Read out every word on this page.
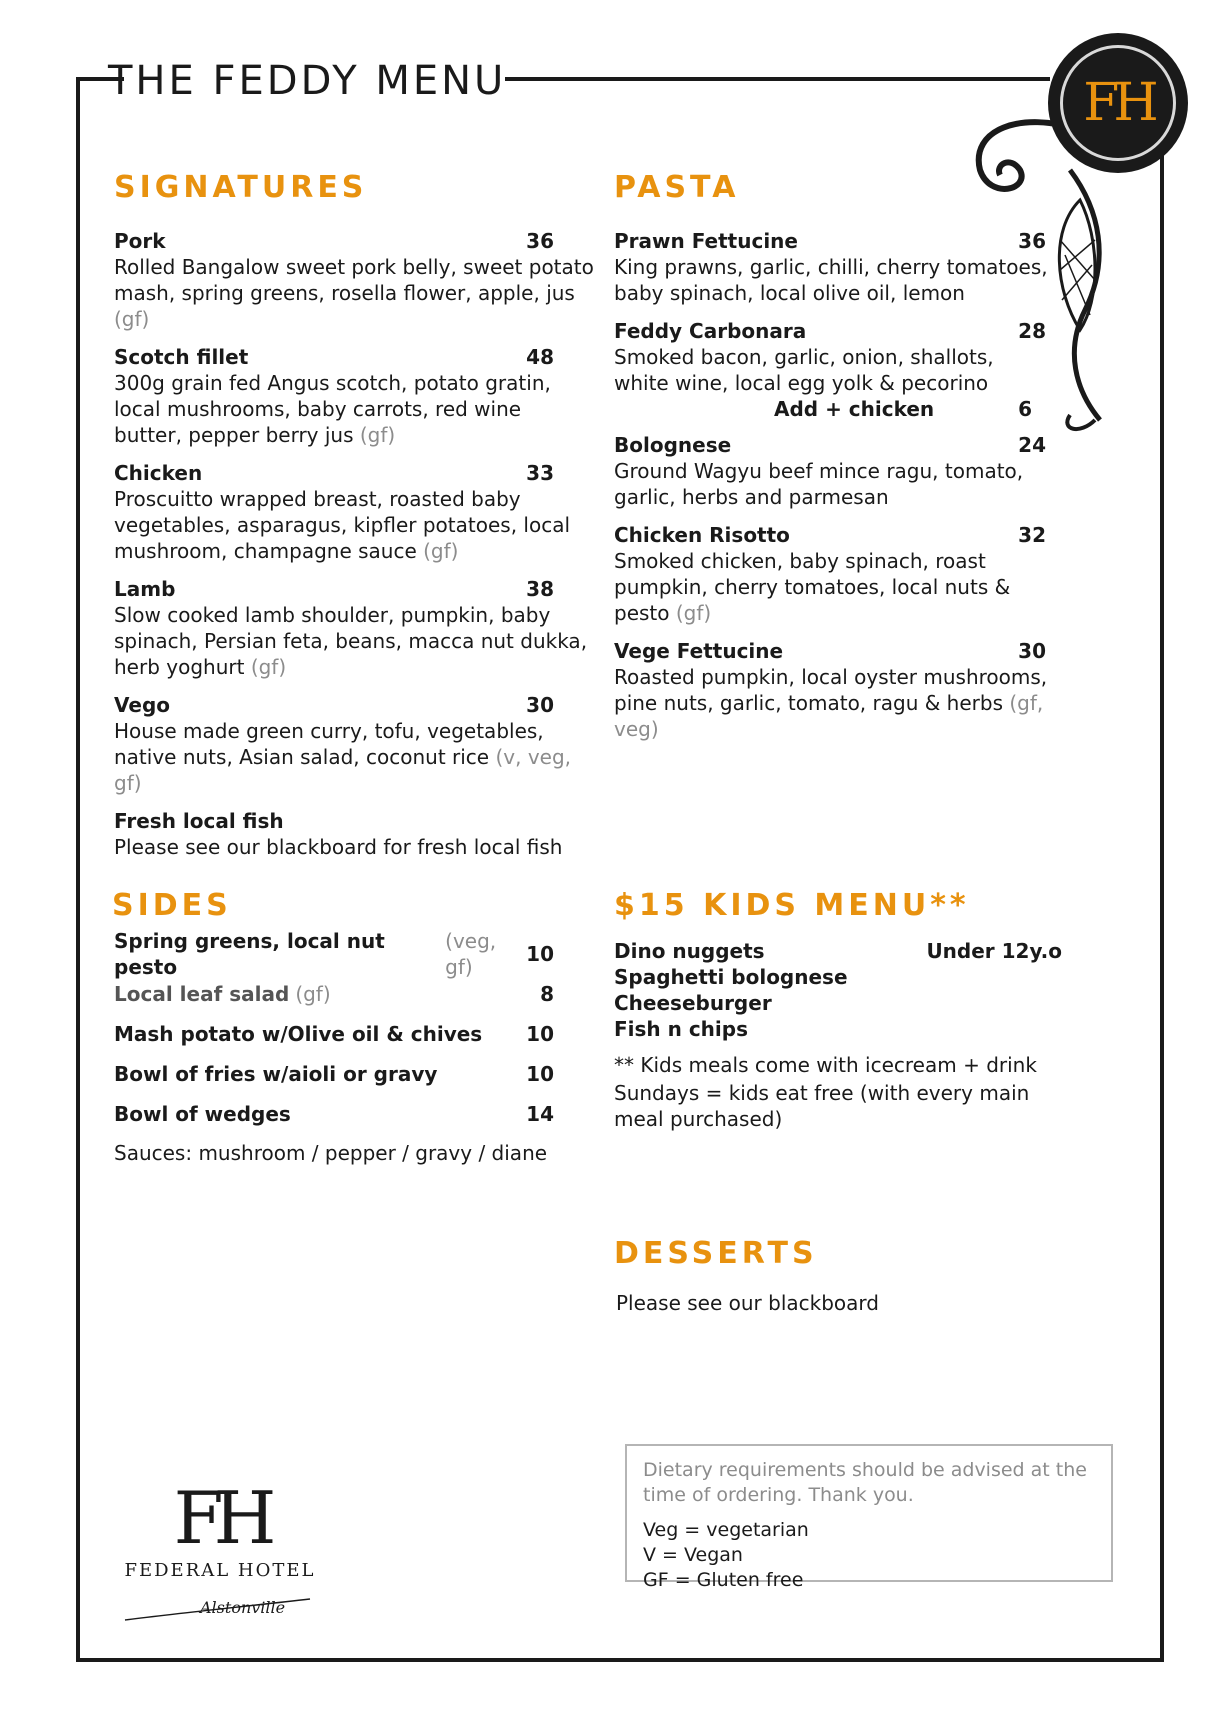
THE FEDDY MENU	FH
SIGNATURES
Pork	36
Rolled Bangalow sweet pork belly, sweet potato mash, spring greens, rosella flower, apple, jus (gf)
Scotch fillet	48
300g grain fed Angus scotch, potato gratin, local mushrooms, baby carrots, red wine butter, pepper berry jus (gf)
Chicken	33
Proscuitto wrapped breast, roasted baby vegetables, asparagus, kipfler potatoes, local mushroom, champagne sauce (gf)
Lamb	38
Slow cooked lamb shoulder, pumpkin, baby spinach, Persian feta, beans, macca nut dukka, herb yoghurt (gf)
Vego	30
House made green curry, tofu, vegetables, native nuts, Asian salad, coconut rice (v, veg, gf)
Fresh local fish
Please see our blackboard for fresh local fish
PASTA
Prawn Fettucine	36
King prawns, garlic, chilli, cherry tomatoes, baby spinach, local olive oil, lemon
Feddy Carbonara	28
Smoked bacon, garlic, onion, shallots, white wine, local egg yolk & pecorino
Add + chicken	6
Bolognese	24
Ground Wagyu beef mince ragu, tomato, garlic, herbs and parmesan
Chicken Risotto	32
Smoked chicken, baby spinach, roast pumpkin, cherry tomatoes, local nuts & pesto (gf)
Vege Fettucine	30
Roasted pumpkin, local oyster mushrooms, pine nuts, garlic, tomato, ragu & herbs (gf, veg)
SIDES
Spring greens, local nut pesto
(veg, gf)
10
Local leaf salad (gf)	8
Mash potato w/Olive oil & chives 10
Bowl of fries w/aioli or gravy	10
Bowl of wedges	14
Sauces: mushroom / pepper / gravy / diane
$15 KIDS MENU**
Dino nuggets
Spaghetti bolognese
Cheeseburger
Fish n chips
Under 12y.o
** Kids meals come with icecream + drink
Sundays = kids eat free (with every main meal purchased)
DESSERTS
Please see our blackboard
Dietary requirements should be advised at the time of ordering. Thank you.
Veg = vegetarian
V = Vegan
GF = Gluten free
FH
FEDERAL HOTEL
Alstonville
